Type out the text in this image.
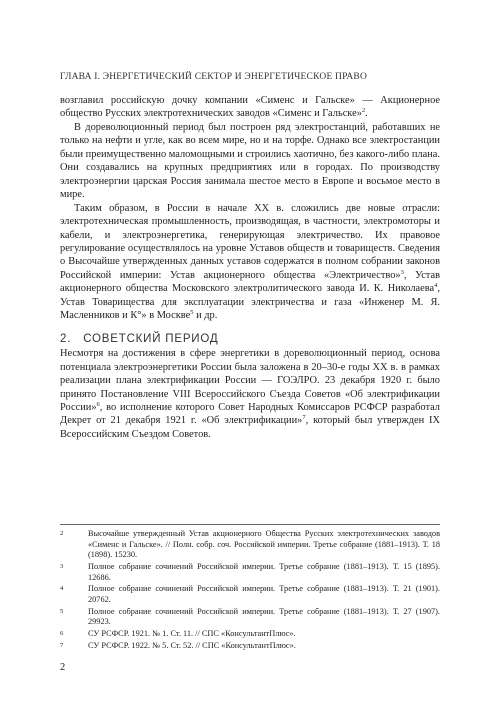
ГЛАВА I. ЭНЕРГЕТИЧЕСКИЙ СЕКТОР И ЭНЕРГЕТИЧЕСКОЕ ПРАВО

возглавил российскую дочку компании «Сименс и Гальске» — Акционерное общество Русских электротехнических заводов «Сименс и Гальске»$^2$.

В дореволюционный период был построен ряд электростанций, работавших не только на нефти и угле, как во всем мире, но и на торфе. Однако все электростанции были преимущественно маломощными и строились хаотично, без какого-либо плана. Они создавались на крупных предприятиях или в городах. По производству электроэнергии царская Россия занимала шестое место в Европе и восьмое место в мире.

Таким образом, в России в начале XX в. сложились две новые отрасли: электротехническая промышленность, производящая, в частности, электромоторы и кабели, и электроэнергетика, генерирующая электричество. Их правовое регулирование осуществлялось на уровне Уставов обществ и товариществ. Сведения о Высочайше утвержденных данных уставов содержатся в полном собрании законов Российской империи: Устав акционерного общества «Электричество»$^3$, Устав акционерного общества Московского электролитического завода И. К. Николаева$^4$, Устав Товарищества для эксплуатации электричества и газа «Инженер М. Я. Масленников и К°» в Москве$^5$ и др.

2. СОВЕТСКИЙ ПЕРИОД

Несмотря на достижения в сфере энергетики в дореволюционный период, основа потенциала электроэнергетики России была заложена в 20–30-е годы XX в. в рамках реализации плана электрификации России — ГОЭЛРО. 23 декабря 1920 г. было принято Постановление VIII Всероссийского Съезда Советов «Об электрификации России»$^6$, во исполнение которого Совет Народных Комиссаров РСФСР разработал Декрет от 21 декабря 1921 г. «Об электрификации»$^7$, который был утвержден IX Всероссийским Съездом Советов.

2	Высочайше утвержденный Устав акционерного Общества Русских электротехнических заводов «Сименс и Гальске». // Полн. собр. соч. Российской империи. Третье собрание (1881–1913). Т. 18 (1898). 15230.
3	Полное собрание сочинений Российской империи. Третье собрание (1881–1913). Т. 15 (1895). 12686.
4	Полное собрание сочинений Российской империи. Третье собрание (1881–1913). Т. 21 (1901). 20762.
5	Полное собрание сочинений Российской империи. Третье собрание (1881–1913). Т. 27 (1907). 29923.
6	СУ РСФСР. 1921. № 1. Ст. 11. // СПС «КонсультантПлюс».
7	СУ РСФСР. 1922. № 5. Ст. 52. // СПС «КонсультантПлюс».
2
